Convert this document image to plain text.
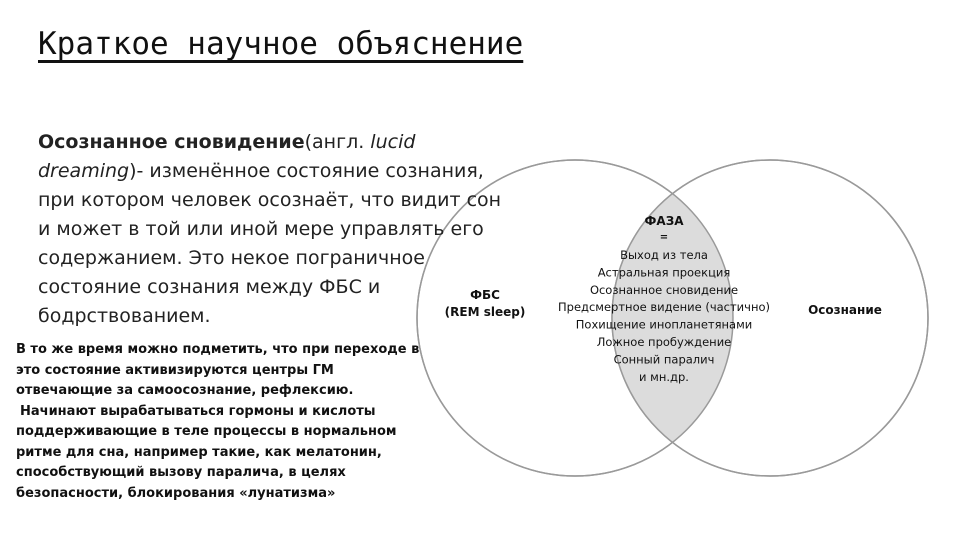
Краткое научное объяснение
ФБС
(REM sleep)	Осознание
ФАЗА
=
Выход из тела
Астральная проекция
Осознанное сновидение
Предсмертное видение (частично)
Похищение инопланетянами
Ложное пробуждение
Сонный паралич
и мн.др.
Осознанное сновидение(англ. lucid dreaming)- изменённое состояние сознания, при котором человек осознаёт, что видит сон и может в той или иной мере управлять его содержанием. Это некое пограничное состояние сознания между ФБС и бодрствованием.

В то же время можно подметить, что при переходе в это состояние активизируются центры ГМ отвечающие за самоосознание, рефлексию.

Начинают вырабатываться гормоны и кислоты поддерживающие в теле процессы в нормальном ритме для сна, например такие, как мелатонин, способствующий вызову паралича, в целях безопасности, блокирования «лунатизма»
